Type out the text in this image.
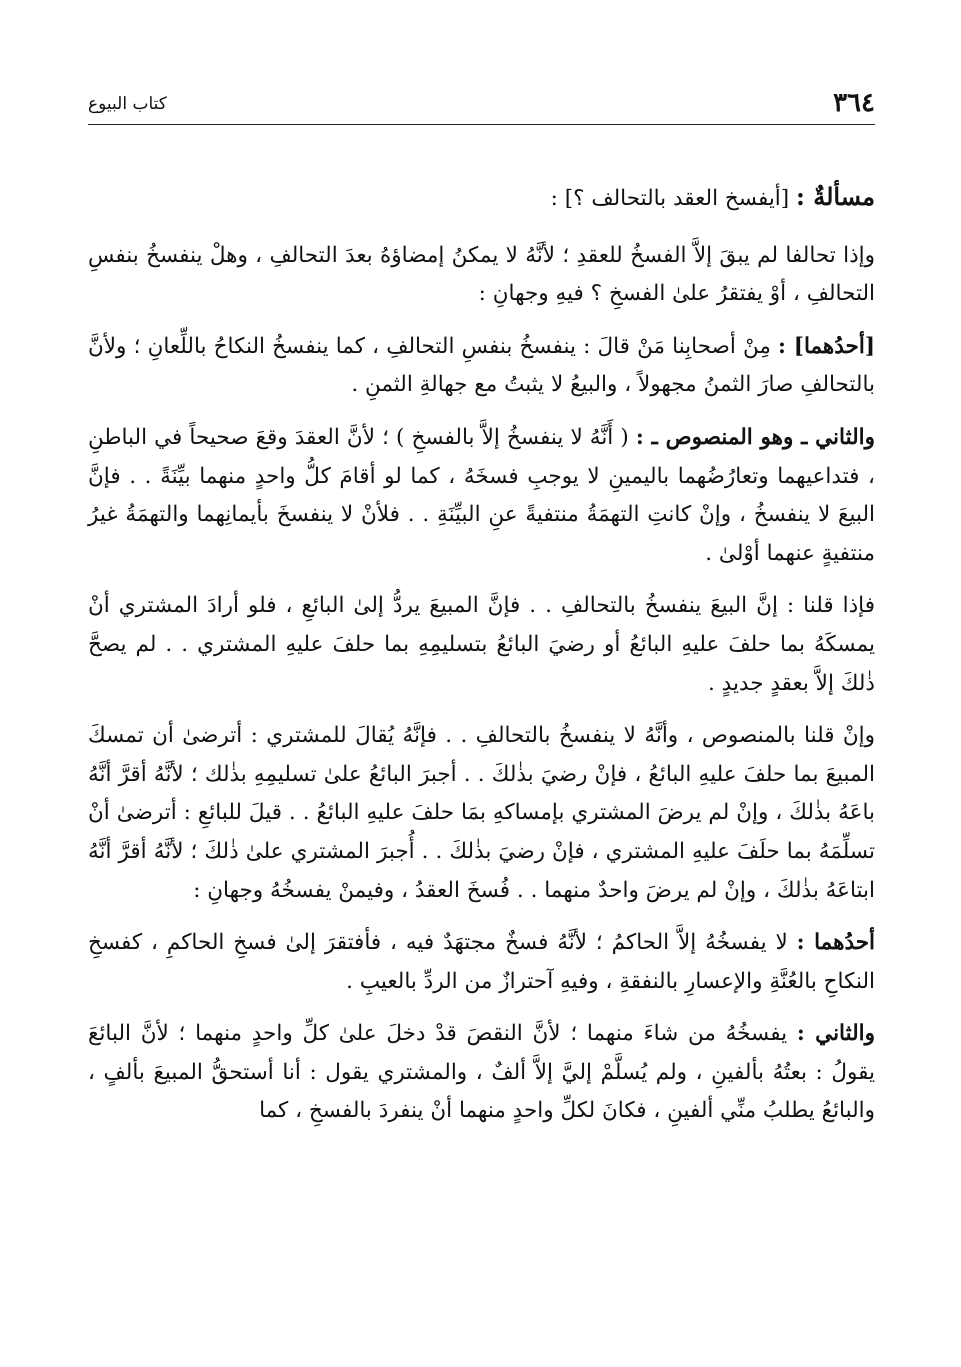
٣٦٤
كتاب البيوع

مسألةٌ : [أيفسخ العقد بالتحالف ؟] :

وإذا تحالفا لم يبقَ إلاَّ الفسخُ للعقدِ ؛ لأنَّهُ لا يمكنُ إمضاؤهُ بعدَ التحالفِ ، وهلْ ينفسخُ بنفسِ التحالفِ ، أوْ يفتقرُ علىٰ الفسخِ ؟ فيهِ وجهانِ :

[أحدُهما] : مِنْ أصحابِنا مَنْ قالَ : ينفسخُ بنفسِ التحالفِ ، كما ينفسخُ النكاحُ باللِّعانِ ؛ ولأنَّ بالتحالفِ صارَ الثمنُ مجهولاً ، والبيعُ لا يثبتُ مع جهالةِ الثمنِ .

والثاني ـ وهو المنصوص ـ : ( أَنَّهُ لا ينفسخُ إلاَّ بالفسخِ ) ؛ لأنَّ العقدَ وقعَ صحيحاً في الباطنِ ، فتداعيهما وتعارُضُهما باليمينِ لا يوجبِ فسخَهُ ، كما لو أقامَ كلُّ واحدٍ منهما بيِّنَةً . . فإنَّ البيعَ لا ينفسخُ ، وإنْ كانتِ التهمَةُ منتفيةً عنِ البيِّنَةِ . . فلأنْ لا ينفسخَ بأيمانِهما والتهمَةُ غيرُ منتفيةٍ عنهما أوْلىٰ .

فإذا قلنا : إنَّ البيعَ ينفسخُ بالتحالفِ . . فإنَّ المبيعَ يردُّ إلىٰ البائعِ ، فلو أرادَ المشتري أنْ يمسكَهُ بما حلفَ عليهِ البائعُ أو رضيَ البائعُ بتسليمِهِ بما حلفَ عليهِ المشتري . . لم يصحَّ ذٰلكَ إلاَّ بعقدٍ جديدٍ .

وإنْ قلنا بالمنصوص ، وأنَّهُ لا ينفسخُ بالتحالفِ . . فإنَّهُ يُقالَ للمشتري : أترضىٰ أن تمسكَ المبيعَ بما حلفَ عليهِ البائعُ ، فإنْ رضيَ بذٰلكَ . . أجبرَ البائعُ علىٰ تسليمِهِ بذٰلك ؛ لأنَّهُ أقرَّ أنَّهُ باعَهُ بذٰلكَ ، وإنْ لم يرضَ المشتري بإمساكهِ بمَا حلفَ عليهِ البائعُ . . قيلَ للبائعِ : أترضىٰ أنْ تسلِّمَهُ بما حلَفَ عليهِ المشتري ، فإنْ رضيَ بذٰلكَ . . أُجبرَ المشتري علىٰ ذٰلكَ ؛ لأنَّهُ أقرَّ أنَّهُ ابتاعَهُ بذٰلكَ ، وإنْ لم يرضَ واحدٌ منهما . . فُسخَ العقدُ ، وفيمنْ يفسخُهُ وجهانِ :

أحدُهما : لا يفسخُهُ إلاَّ الحاكمُ ؛ لأنَّهُ فسخٌ مجتهَدٌ فيه ، فأفتقرَ إلىٰ فسخِ الحاكمِ ، كفسخِ النكاحِ بالعُنَّةِ والإعسارِ بالنفقةِ ، وفيهِ آحترازٌ من الردِّ بالعيبِ .

والثاني : يفسخُهُ من شاءَ منهما ؛ لأنَّ النقصَ قدْ دخلَ علىٰ كلِّ واحدٍ منهما ؛ لأنَّ البائعَ يقولُ : بعتُهُ بألفينِ ، ولم يُسلَّمْ إليَّ إلاَّ ألفٌ ، والمشتري يقول : أنا أستحقُّ المبيعَ بألفٍ ، والبائعُ يطلبُ منِّي ألفينِ ، فكانَ لكلِّ واحدٍ منهما أنْ ينفردَ بالفسخِ ، كما
